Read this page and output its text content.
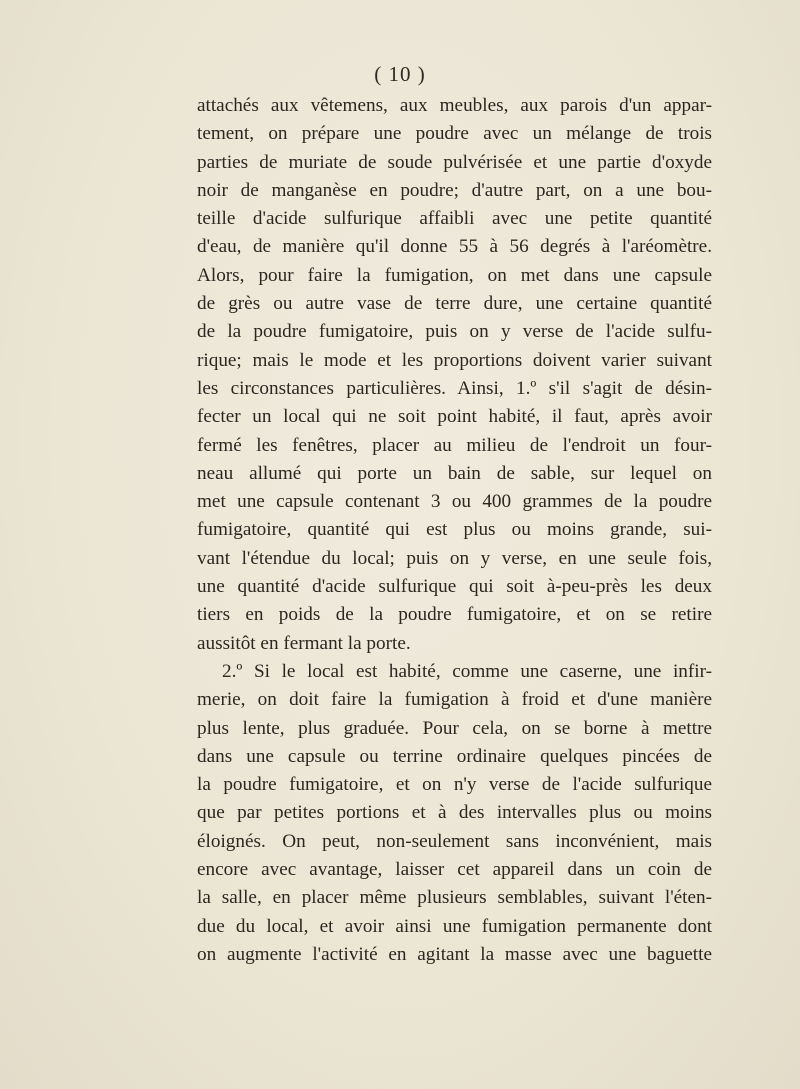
( 10 )
attachés aux vêtemens, aux meubles, aux parois d'un appar-
tement, on prépare une poudre avec un mélange de trois
parties de muriate de soude pulvérisée et une partie d'oxyde
noir de manganèse en poudre; d'autre part, on a une bou-
teille d'acide sulfurique affaibli avec une petite quantité
d'eau, de manière qu'il donne 55 à 56 degrés à l'aréomètre.
Alors, pour faire la fumigation, on met dans une capsule
de grès ou autre vase de terre dure, une certaine quantité
de la poudre fumigatoire, puis on y verse de l'acide sulfu-
rique; mais le mode et les proportions doivent varier suivant
les circonstances particulières. Ainsi, 1.º s'il s'agit de désin-
fecter un local qui ne soit point habité, il faut, après avoir
fermé les fenêtres, placer au milieu de l'endroit un four-
neau allumé qui porte un bain de sable, sur lequel on
met une capsule contenant 3 ou 400 grammes de la poudre
fumigatoire, quantité qui est plus ou moins grande, sui-
vant l'étendue du local; puis on y verse, en une seule fois,
une quantité d'acide sulfurique qui soit à-peu-près les deux
tiers en poids de la poudre fumigatoire, et on se retire
aussitôt en fermant la porte.
2.º Si le local est habité, comme une caserne, une infir-
merie, on doit faire la fumigation à froid et d'une manière
plus lente, plus graduée. Pour cela, on se borne à mettre
dans une capsule ou terrine ordinaire quelques pincées de
la poudre fumigatoire, et on n'y verse de l'acide sulfurique
que par petites portions et à des intervalles plus ou moins
éloignés. On peut, non-seulement sans inconvénient, mais
encore avec avantage, laisser cet appareil dans un coin de
la salle, en placer même plusieurs semblables, suivant l'éten-
due du local, et avoir ainsi une fumigation permanente dont
on augmente l'activité en agitant la masse avec une baguette
